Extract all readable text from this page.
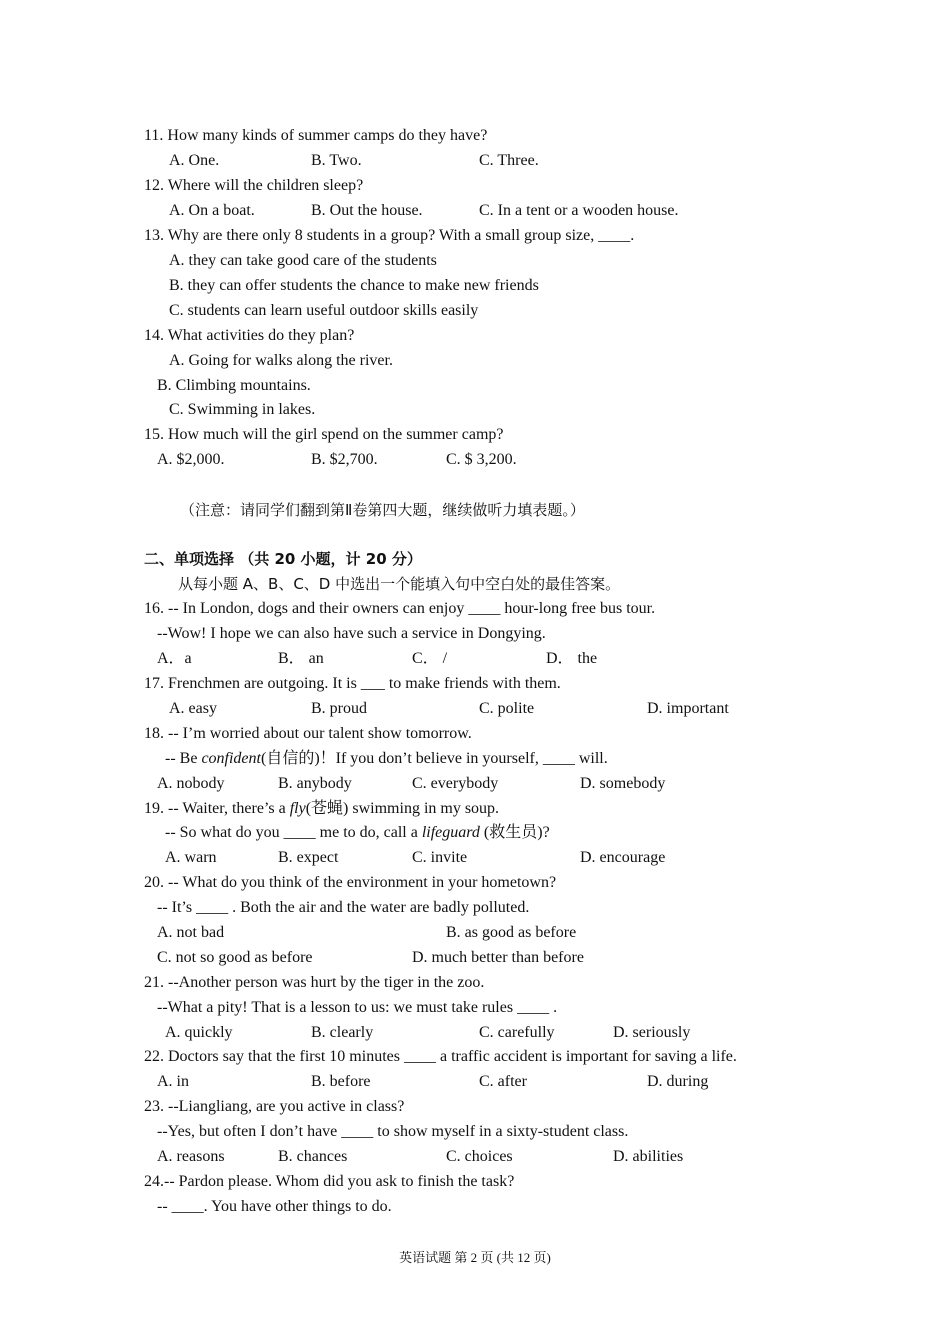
11. How many kinds of summer camps do they have?
A. One.	B. Two.	C. Three.
12. Where will the children sleep?
A. On a boat.	B. Out the house.	C. In a tent or a wooden house.
13. Why are there only 8 students in a group? With a small group size, ____.
A. they can take good care of the students
B. they can offer students the chance to make new friends
C. students can learn useful outdoor skills easily
14. What activities do they plan?
A. Going for walks along the river.
B. Climbing mountains.
C. Swimming in lakes.
15. How much will the girl spend on the summer camp?
A. $2,000.	B. $2,700.	C. $ 3,200.
（注意：请同学们翻到第Ⅱ卷第四大题，继续做听力填表题。）
二、单项选择 （共 20 小题，计 20 分）
从每小题 A、B、C、D 中选出一个能填入句中空白处的最佳答案。
16. -- In London, dogs and their owners can enjoy ____ hour-long free bus tour.
--Wow! I hope we can also have such a service in Dongying.
A．a	B． an	C． /	D． the
17. Frenchmen are outgoing. It is ___ to make friends with them.
A. easy	B. proud	C. polite	D. important
18. -- I’m worried about our talent show tomorrow.
-- Be confident(自信的)！If you don’t believe in yourself, ____ will.
A. nobody	B. anybody	C. everybody	D. somebody
19. -- Waiter, there’s a fly(苍蝇) swimming in my soup.
-- So what do you ____ me to do, call a lifeguard (救生员)?
A. warn	B. expect	C. invite	D. encourage
20. -- What do you think of the environment in your hometown?
-- It’s ____ . Both the air and the water are badly polluted.
A. not bad	B. as good as before
C. not so good as before	D. much better than before
21. --Another person was hurt by the tiger in the zoo.
--What a pity! That is a lesson to us: we must take rules ____ .
A. quickly	B. clearly	C. carefully	D. seriously
22. Doctors say that the first 10 minutes ____ a traffic accident is important for saving a life.
A. in	B. before	C. after	D. during
23. --Liangliang, are you active in class?
--Yes, but often I don’t have ____ to show myself in a sixty-student class.
A. reasons	B. chances	C. choices	D. abilities
24.-- Pardon please. Whom did you ask to finish the task?
-- ____. You have other things to do.
英语试题 第 2 页 (共 12 页)
